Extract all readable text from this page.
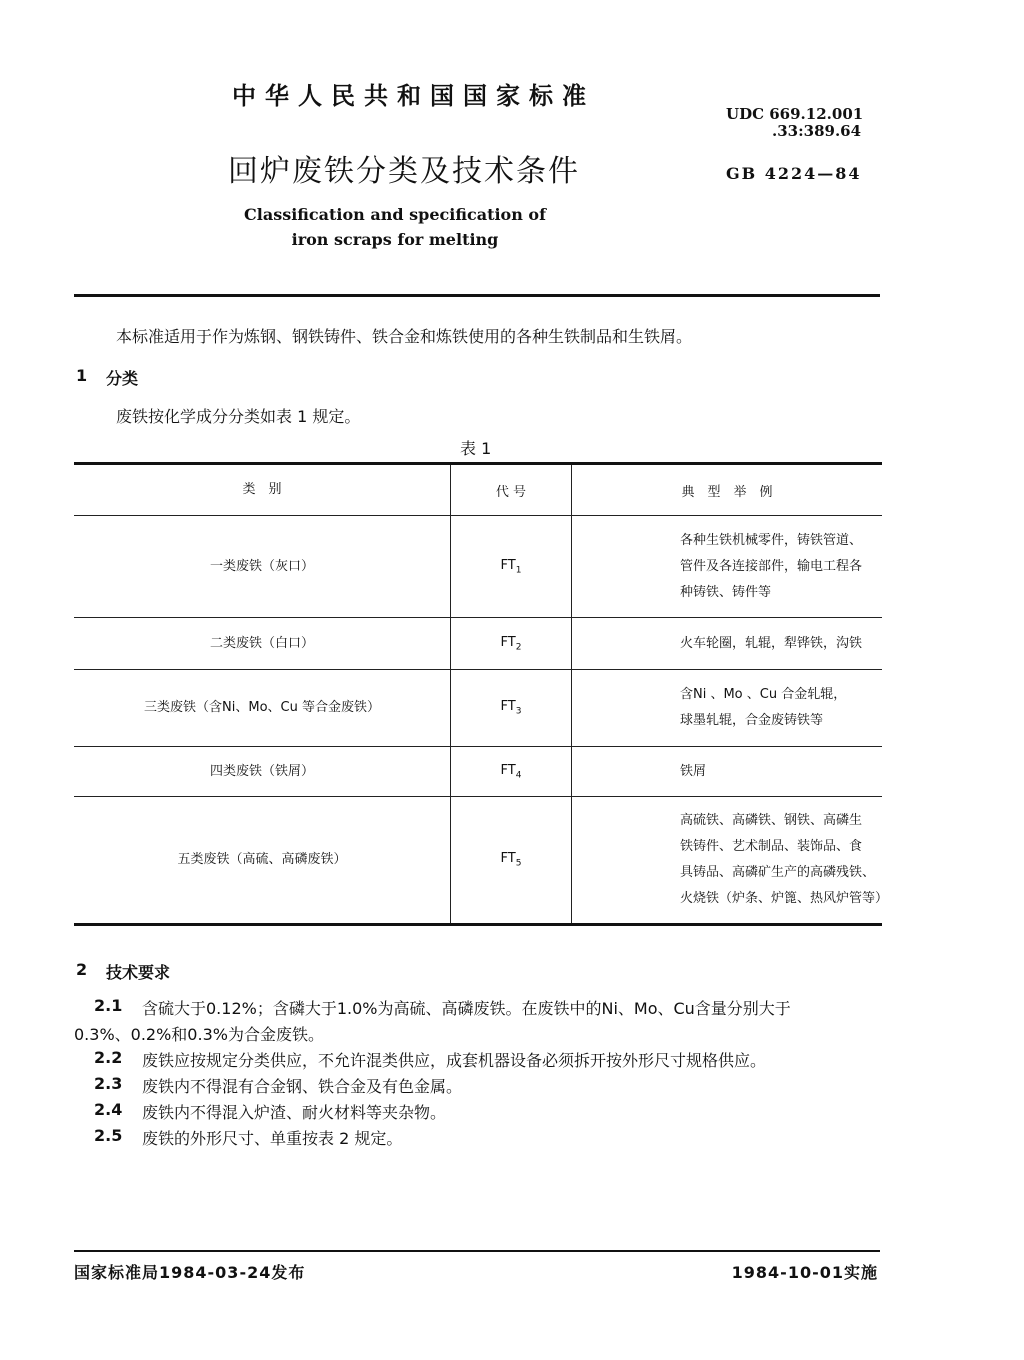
中华人民共和国国家标准
回炉废铁分类及技术条件
Classification and specification of
iron scraps for melting
UDC 669.12.001
.33:389.64
GB 4224—84
本标准适用于作为炼钢、钢铁铸件、铁合金和炼铁使用的各种生铁制品和生铁屑。
1 分类
废铁按化学成分分类如表 1 规定。
表 1
类　别	代 号	典　型　举　例
一类废铁（灰口）	$FT_1$	各种生铁机械零件，铸铁管道、
管件及各连接部件，输电工程各
种铸铁、铸件等

二类废铁（白口）	$FT_2$	火车轮圈，轧辊，犁铧铁，沟铁

三类废铁（含Ni、Mo、Cu 等合金废铁）	$FT_3$	含Ni 、Mo 、Cu 合金轧辊，
球墨轧辊，合金废铸铁等

四类废铁（铁屑）	$FT_4$	铁屑

五类废铁（高硫、高磷废铁）	$FT_5$	高硫铁、高磷铁、钢铁、高磷生
铁铸件、艺术制品、装饰品、食
具铸品、高磷矿生产的高磷残铁、
火烧铁（炉条、炉篦、热风炉管等）
2 技术要求
2.1 含硫大于0.12%；含磷大于1.0%为高硫、高磷废铁。在废铁中的Ni、Mo、Cu含量分别大于
0.3%、0.2%和0.3%为合金废铁。
2.2 废铁应按规定分类供应，不允许混类供应，成套机器设备必须拆开按外形尺寸规格供应。
2.3 废铁内不得混有合金钢、铁合金及有色金属。
2.4 废铁内不得混入炉渣、耐火材料等夹杂物。
2.5 废铁的外形尺寸、单重按表 2 规定。
国家标准局1984-03-24发布	1984-10-01实施
